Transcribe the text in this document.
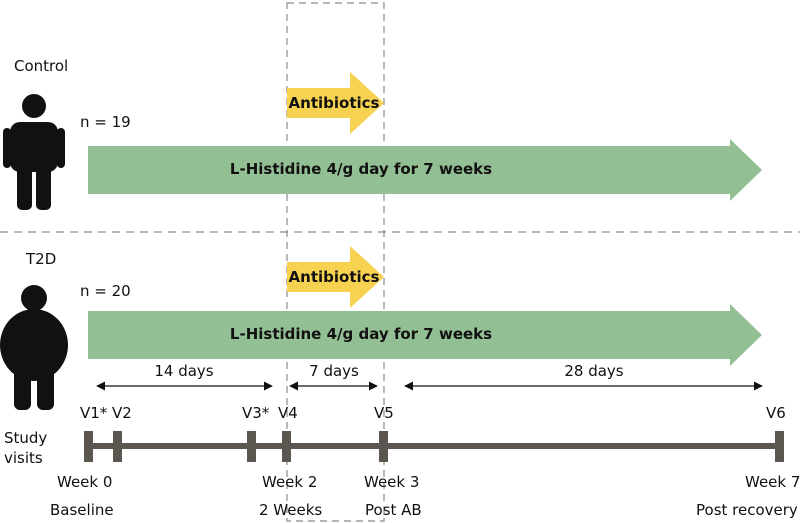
Control
n = 19
Antibiotics
L-Histidine 4/g day for 7 weeks
T2D
n = 20
Antibiotics
L-Histidine 4/g day for 7 weeks
14 days	7 days	28 days
Study
visits
V1* V2	V3* V4	V5	V6
Week 0	Week 2	Week 3	Week 7
Baseline	2 Weeks	Post AB	Post recovery
